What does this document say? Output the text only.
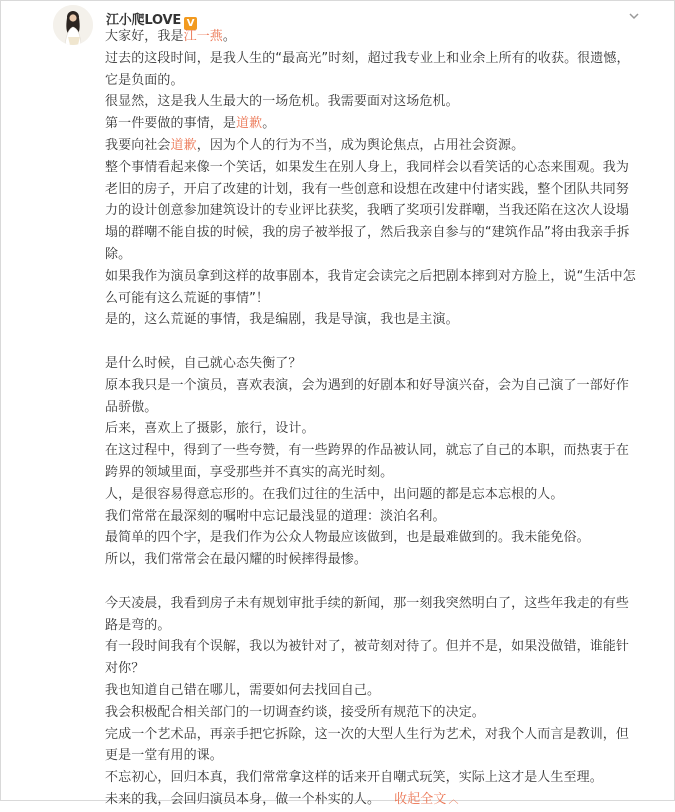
江小爬LOVE V

大家好，我是江一燕。

过去的这段时间，是我人生的“最高光”时刻，超过我专业上和业余上所有的收获。很遗憾，它是负面的。

很显然，这是我人生最大的一场危机。我需要面对这场危机。

第一件要做的事情，是道歉。

我要向社会道歉，因为个人的行为不当，成为舆论焦点，占用社会资源。

整个事情看起来像一个笑话，如果发生在别人身上，我同样会以看笑话的心态来围观。我为老旧的房子，开启了改建的计划，我有一些创意和设想在改建中付诸实践，整个团队共同努力的设计创意参加建筑设计的专业评比获奖，我晒了奖项引发群嘲，当我还陷在这次人设塌塌的群嘲不能自拔的时候，我的房子被举报了，然后我亲自参与的“建筑作品”将由我亲手拆除。

如果我作为演员拿到这样的故事剧本，我肯定会读完之后把剧本摔到对方脸上，说“生活中怎么可能有这么荒诞的事情”！

是的，这么荒诞的事情，我是编剧，我是导演，我也是主演。

是什么时候，自己就心态失衡了？

原本我只是一个演员，喜欢表演，会为遇到的好剧本和好导演兴奋，会为自己演了一部好作品骄傲。

后来，喜欢上了摄影，旅行，设计。

在这过程中，得到了一些夸赞，有一些跨界的作品被认同，就忘了自己的本职，而热衷于在跨界的领域里面，享受那些并不真实的高光时刻。

人，是很容易得意忘形的。在我们过往的生活中，出问题的都是忘本忘根的人。

我们常常在最深刻的嘱咐中忘记最浅显的道理：淡泊名利。

最简单的四个字，是我们作为公众人物最应该做到，也是最难做到的。我未能免俗。

所以，我们常常会在最闪耀的时候摔得最惨。

今天凌晨，我看到房子未有规划审批手续的新闻，那一刻我突然明白了，这些年我走的有些路是弯的。

有一段时间我有个误解，我以为被针对了，被苛刻对待了。但并不是，如果没做错，谁能针对你？

我也知道自己错在哪儿，需要如何去找回自己。

我会积极配合相关部门的一切调查约谈，接受所有规范下的决定。

完成一个艺术品，再亲手把它拆除，这一次的大型人生行为艺术，对我个人而言是教训，但更是一堂有用的课。

不忘初心，回归本真，我们常常拿这样的话来开自嘲式玩笑，实际上这才是人生至理。

未来的我，会回归演员本身，做一个朴实的人。 收起全文 ︿
